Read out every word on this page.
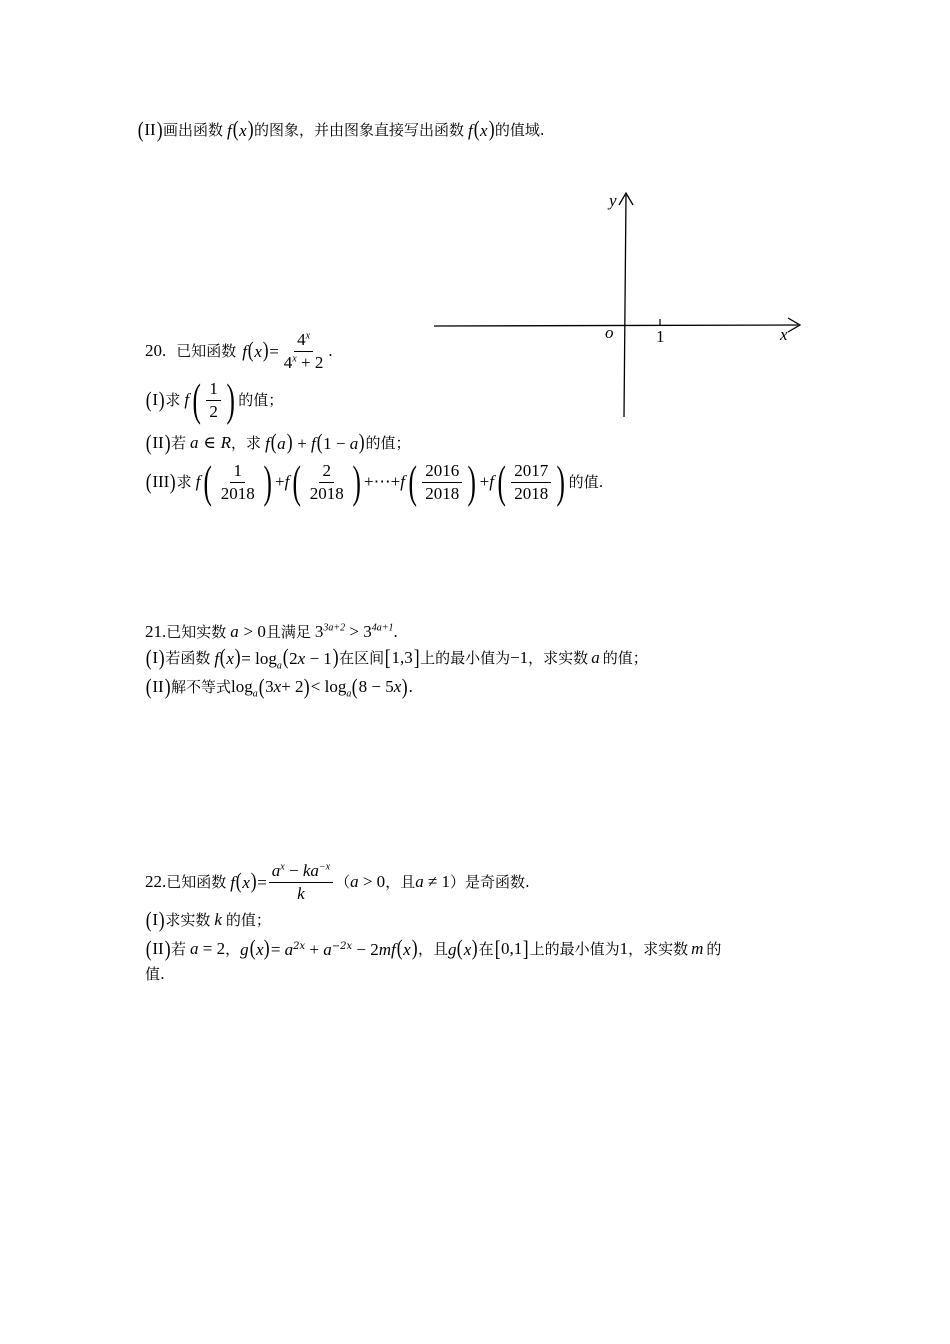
( II ) 画出函数 f(x) 的图象，并由图象直接写出函数 f(x) 的值域.
y
x
o	1
20. 已知函数 $f(x)= \frac{4^x}{4^x + 2}$ .
( I ) 求 f ( $\frac{1}{2}$ ) 的值；
( II ) 若 a ∈ R ，求 f(a) + f(1 − a) 的值；
( III ) 求 f ( $\frac{1}{2018}$ ) + f ( $\frac{2}{2018}$ ) +⋯+ f ( $\frac{2016}{2018}$ ) + f ( $\frac{2017}{2018}$ ) 的值.
21. 已知实数 a > 0 且满足 $3^{3a+2} > 3^{4a+1}$.
( I ) 若函数 $f(x)= \log_a(2x - 1)$ 在区间 [ 1,3 ] 上的最小值为 −1 ，求实数 a 的值；
( II ) 解不等式 $\log_a$ ( 3 x + 2 ) < $\log_a$ ( 8 − 5 x ) .
22. 已知函数 $f(x)= \frac{a^x - ka^{-x}}{k}$ （ a > 0 ，且 a ≠ 1 ）是奇函数.
( I ) 求实数 k 的值；
( II ) 若 a = 2 ， $g(x)= a^{2x} + a^{-2x} - 2mf(x)$ ，且 g(x) 在 [ 0,1 ] 上的最小值为 1 ，求实数 m 的
值.
